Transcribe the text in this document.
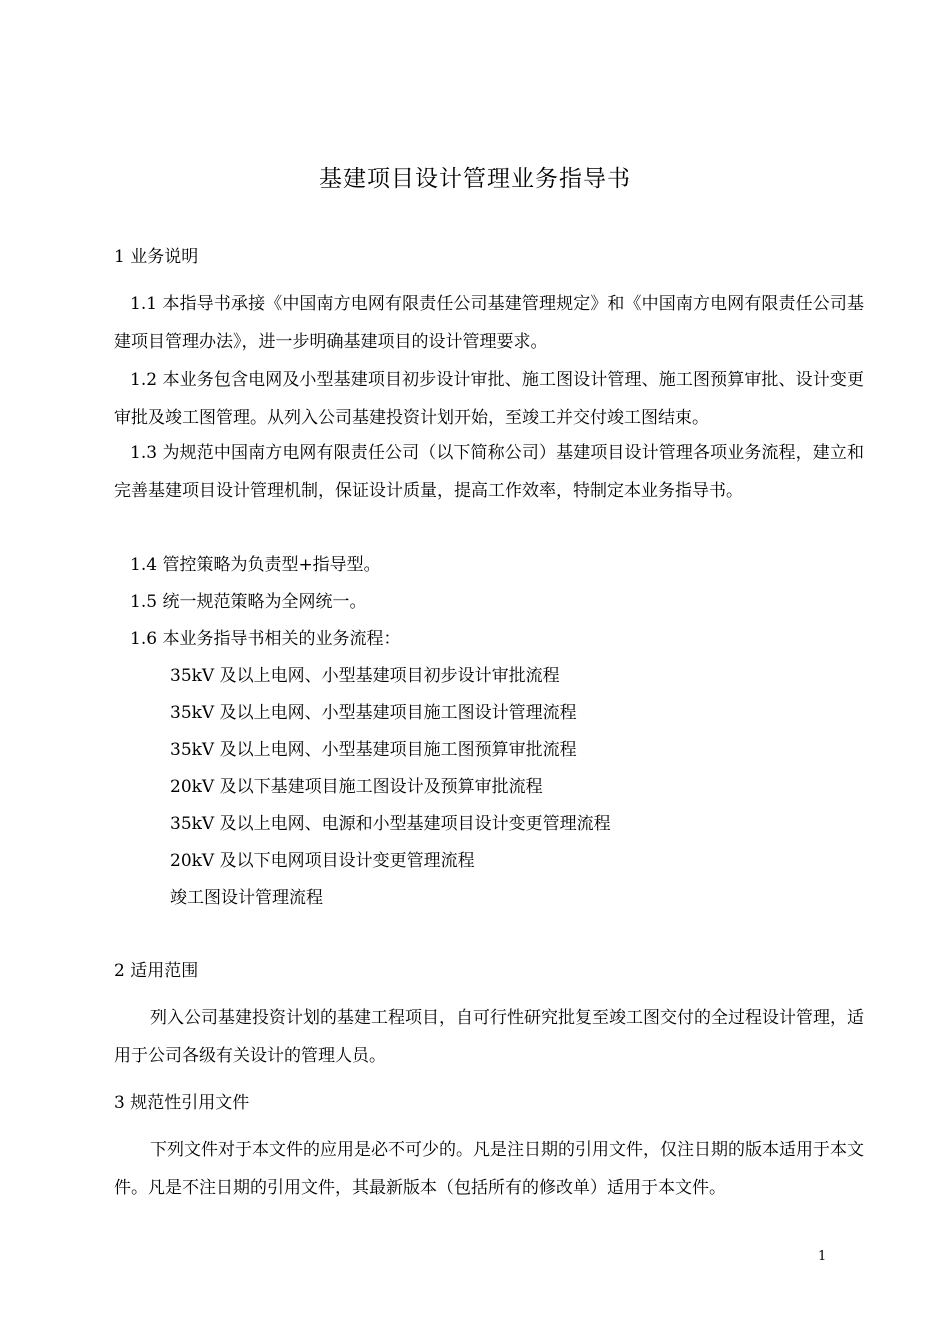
基建项目设计管理业务指导书
1 业务说明
1.1 本指导书承接《中国南方电网有限责任公司基建管理规定》和《中国南方电网有限责任公司基建项目管理办法》，进一步明确基建项目的设计管理要求。
1.2 本业务包含电网及小型基建项目初步设计审批、施工图设计管理、施工图预算审批、设计变更审批及竣工图管理。从列入公司基建投资计划开始，至竣工并交付竣工图结束。
1.3 为规范中国南方电网有限责任公司（以下简称公司）基建项目设计管理各项业务流程，建立和完善基建项目设计管理机制，保证设计质量，提高工作效率，特制定本业务指导书。
1.4 管控策略为负责型+指导型。
1.5 统一规范策略为全网统一。
1.6 本业务指导书相关的业务流程：
35kV 及以上电网、小型基建项目初步设计审批流程
35kV 及以上电网、小型基建项目施工图设计管理流程
35kV 及以上电网、小型基建项目施工图预算审批流程
20kV 及以下基建项目施工图设计及预算审批流程
35kV 及以上电网、电源和小型基建项目设计变更管理流程
20kV 及以下电网项目设计变更管理流程
竣工图设计管理流程
2 适用范围
列入公司基建投资计划的基建工程项目，自可行性研究批复至竣工图交付的全过程设计管理，适用于公司各级有关设计的管理人员。
3 规范性引用文件
下列文件对于本文件的应用是必不可少的。凡是注日期的引用文件，仅注日期的版本适用于本文件。凡是不注日期的引用文件，其最新版本（包括所有的修改单）适用于本文件。
1
